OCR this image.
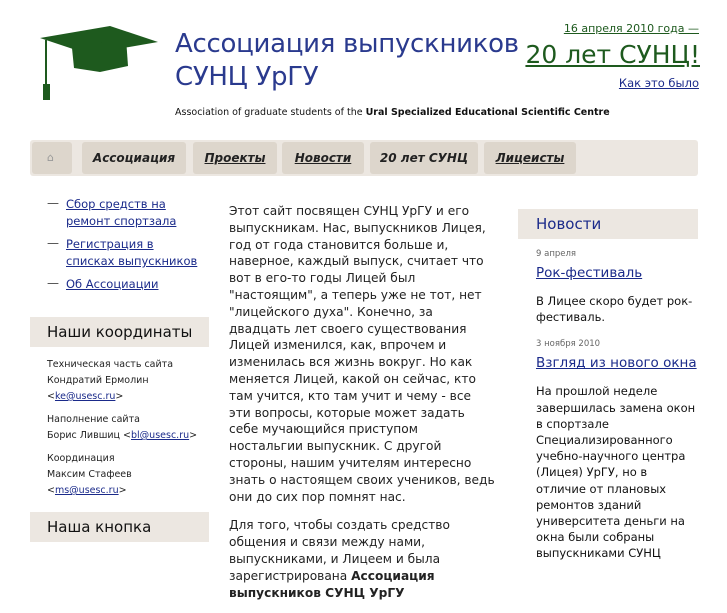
Ассоциация выпускников
СУНЦ УрГУ
Association of graduate students of the Ural Specialized Educational Scientific Centre
16 апреля 2010 года —
20 лет СУНЦ!
Как это было
⌂	Ассоциация	Проекты	Новости	20 лет СУНЦ	Лицеисты
— Сбор средств на
ремонт спортзала
— Регистрация в
списках выпускников
— Об Ассоциации
Наши координаты
Техническая часть сайта
Кондратий Ермолин
<ke@usesc.ru>
Наполнение сайта
Борис Лившиц <bl@usesc.ru>
Координация
Максим Стафеев
<ms@usesc.ru>
Наша кнопка

Этот сайт посвящен СУНЦ УрГУ и его выпускникам. Нас, выпускников Лицея, год от года становится больше и, наверное, каждый выпуск, считает что вот в его-то годы Лицей был "настоящим", а теперь уже не тот, нет "лицейского духа". Конечно, за двадцать лет своего существования Лицей изменился, как, впрочем и изменилась вся жизнь вокруг. Но как меняется Лицей, какой он сейчас, кто там учится, кто там учит и чему - все эти вопросы, которые может задать себе мучающийся приступом ностальгии выпускник. С другой стороны, нашим учителям интересно знать о настоящем своих учеников, ведь они до сих пор помнят нас.

Для того, чтобы создать средство общения и связи между нами, выпускниками, и Лицеем и была зарегистрирована Ассоциация выпускников СУНЦ УрГУ

Новости
9 апреля
Рок-фестиваль
В Лицее скоро будет рок-фестиваль.
3 ноября 2010
Взгляд из нового окна
На прошлой неделе завершилась замена окон в спортзале Специализированного учебно-научного центра (Лицея) УрГУ, но в отличие от плановых ремонтов зданий университета деньги на окна были собраны выпускниками СУНЦ
